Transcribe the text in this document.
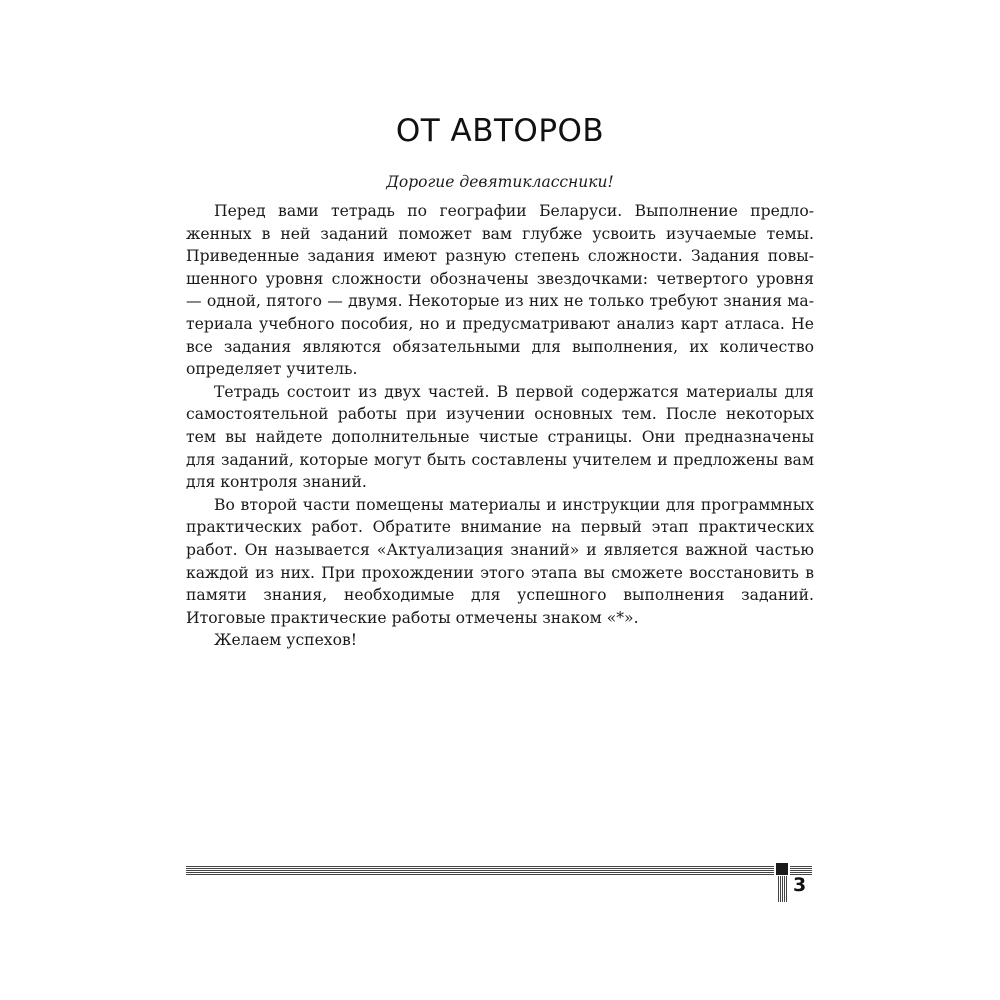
ОТ АВТОРОВ
Дорогие девятиклассники!

Перед вами тетрадь по географии Беларуси. Выполнение предложенных в ней заданий поможет вам глубже усвоить изучаемые темы. Приведенные задания имеют разную степень сложности. Задания повышенного уровня сложности обозначены звездочками: четвертого уровня — одной, пятого — двумя. Некоторые из них не только требуют знания материала учебного пособия, но и предусматривают анализ карт атласа. Не все задания являются обязательными для выполнения, их количество определяет учитель.

Тетрадь состоит из двух частей. В первой содержатся материалы для самостоятельной работы при изучении основных тем. После некоторых тем вы найдете дополнительные чистые страницы. Они предназначены для заданий, которые могут быть составлены учителем и предложены вам для контроля знаний.

Во второй части помещены материалы и инструкции для программных практических работ. Обратите внимание на первый этап практических работ. Он называется «Актуализация знаний» и является важной частью каждой из них. При прохождении этого этапа вы сможете восстановить в памяти знания, необходимые для успешного выполнения заданий. Итоговые практические работы отмечены знаком «*».

Желаем успехов!

3
